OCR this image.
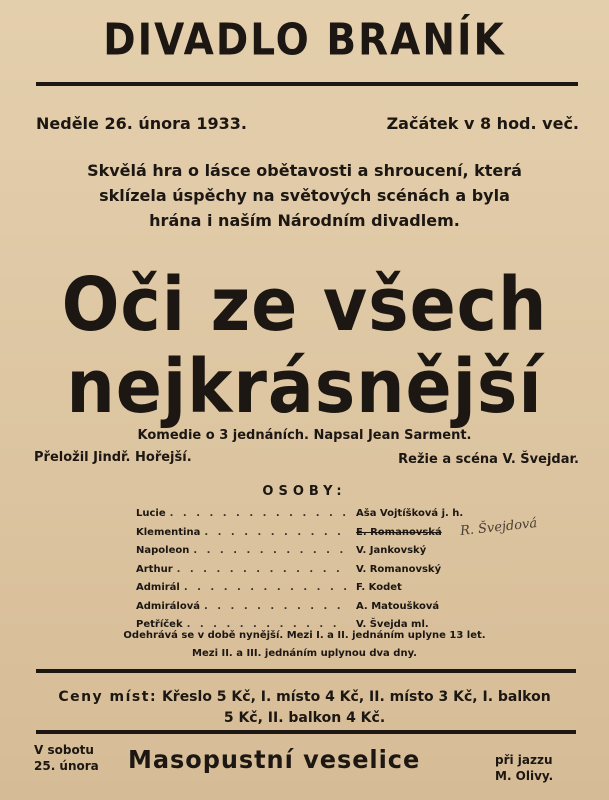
DIVADLO BRANÍK
Neděle 26. února 1933.	Začátek v 8 hod. več.
Skvělá hra o lásce obětavosti a shroucení, která
sklízela úspěchy na světových scénách a byla
hrána i naším Národním divadlem.
Oči ze všech
nejkrásnější
Komedie o 3 jednáních. Napsal Jean Sarment.
Přeložil Jindř. Hořejší.	Režie a scéna V. Švejdar.
OSOBY:
Lucie . . .	Aša Vojtíšková j. h.
Klementina . . .	E. Romanovská
Napoleon . . .	V. Jankovský
Arthur . . .	V. Romanovský
Admirál . . .	F. Kodet
Admirálová . . .	A. Matoušková
Petříček . . .	V. Švejda ml.
R. Švejdová
Odehrává se v době nynější. Mezi I. a II. jednáním uplyne 13 let.
Mezi II. a III. jednáním uplynou dva dny.
Ceny míst: Křeslo 5 Kč, I. místo 4 Kč, II. místo 3 Kč, I. balkon
5 Kč, II. balkon 4 Kč.
V sobotu
25. února Masopustní veselice	při jazzu
M. Olivy.
